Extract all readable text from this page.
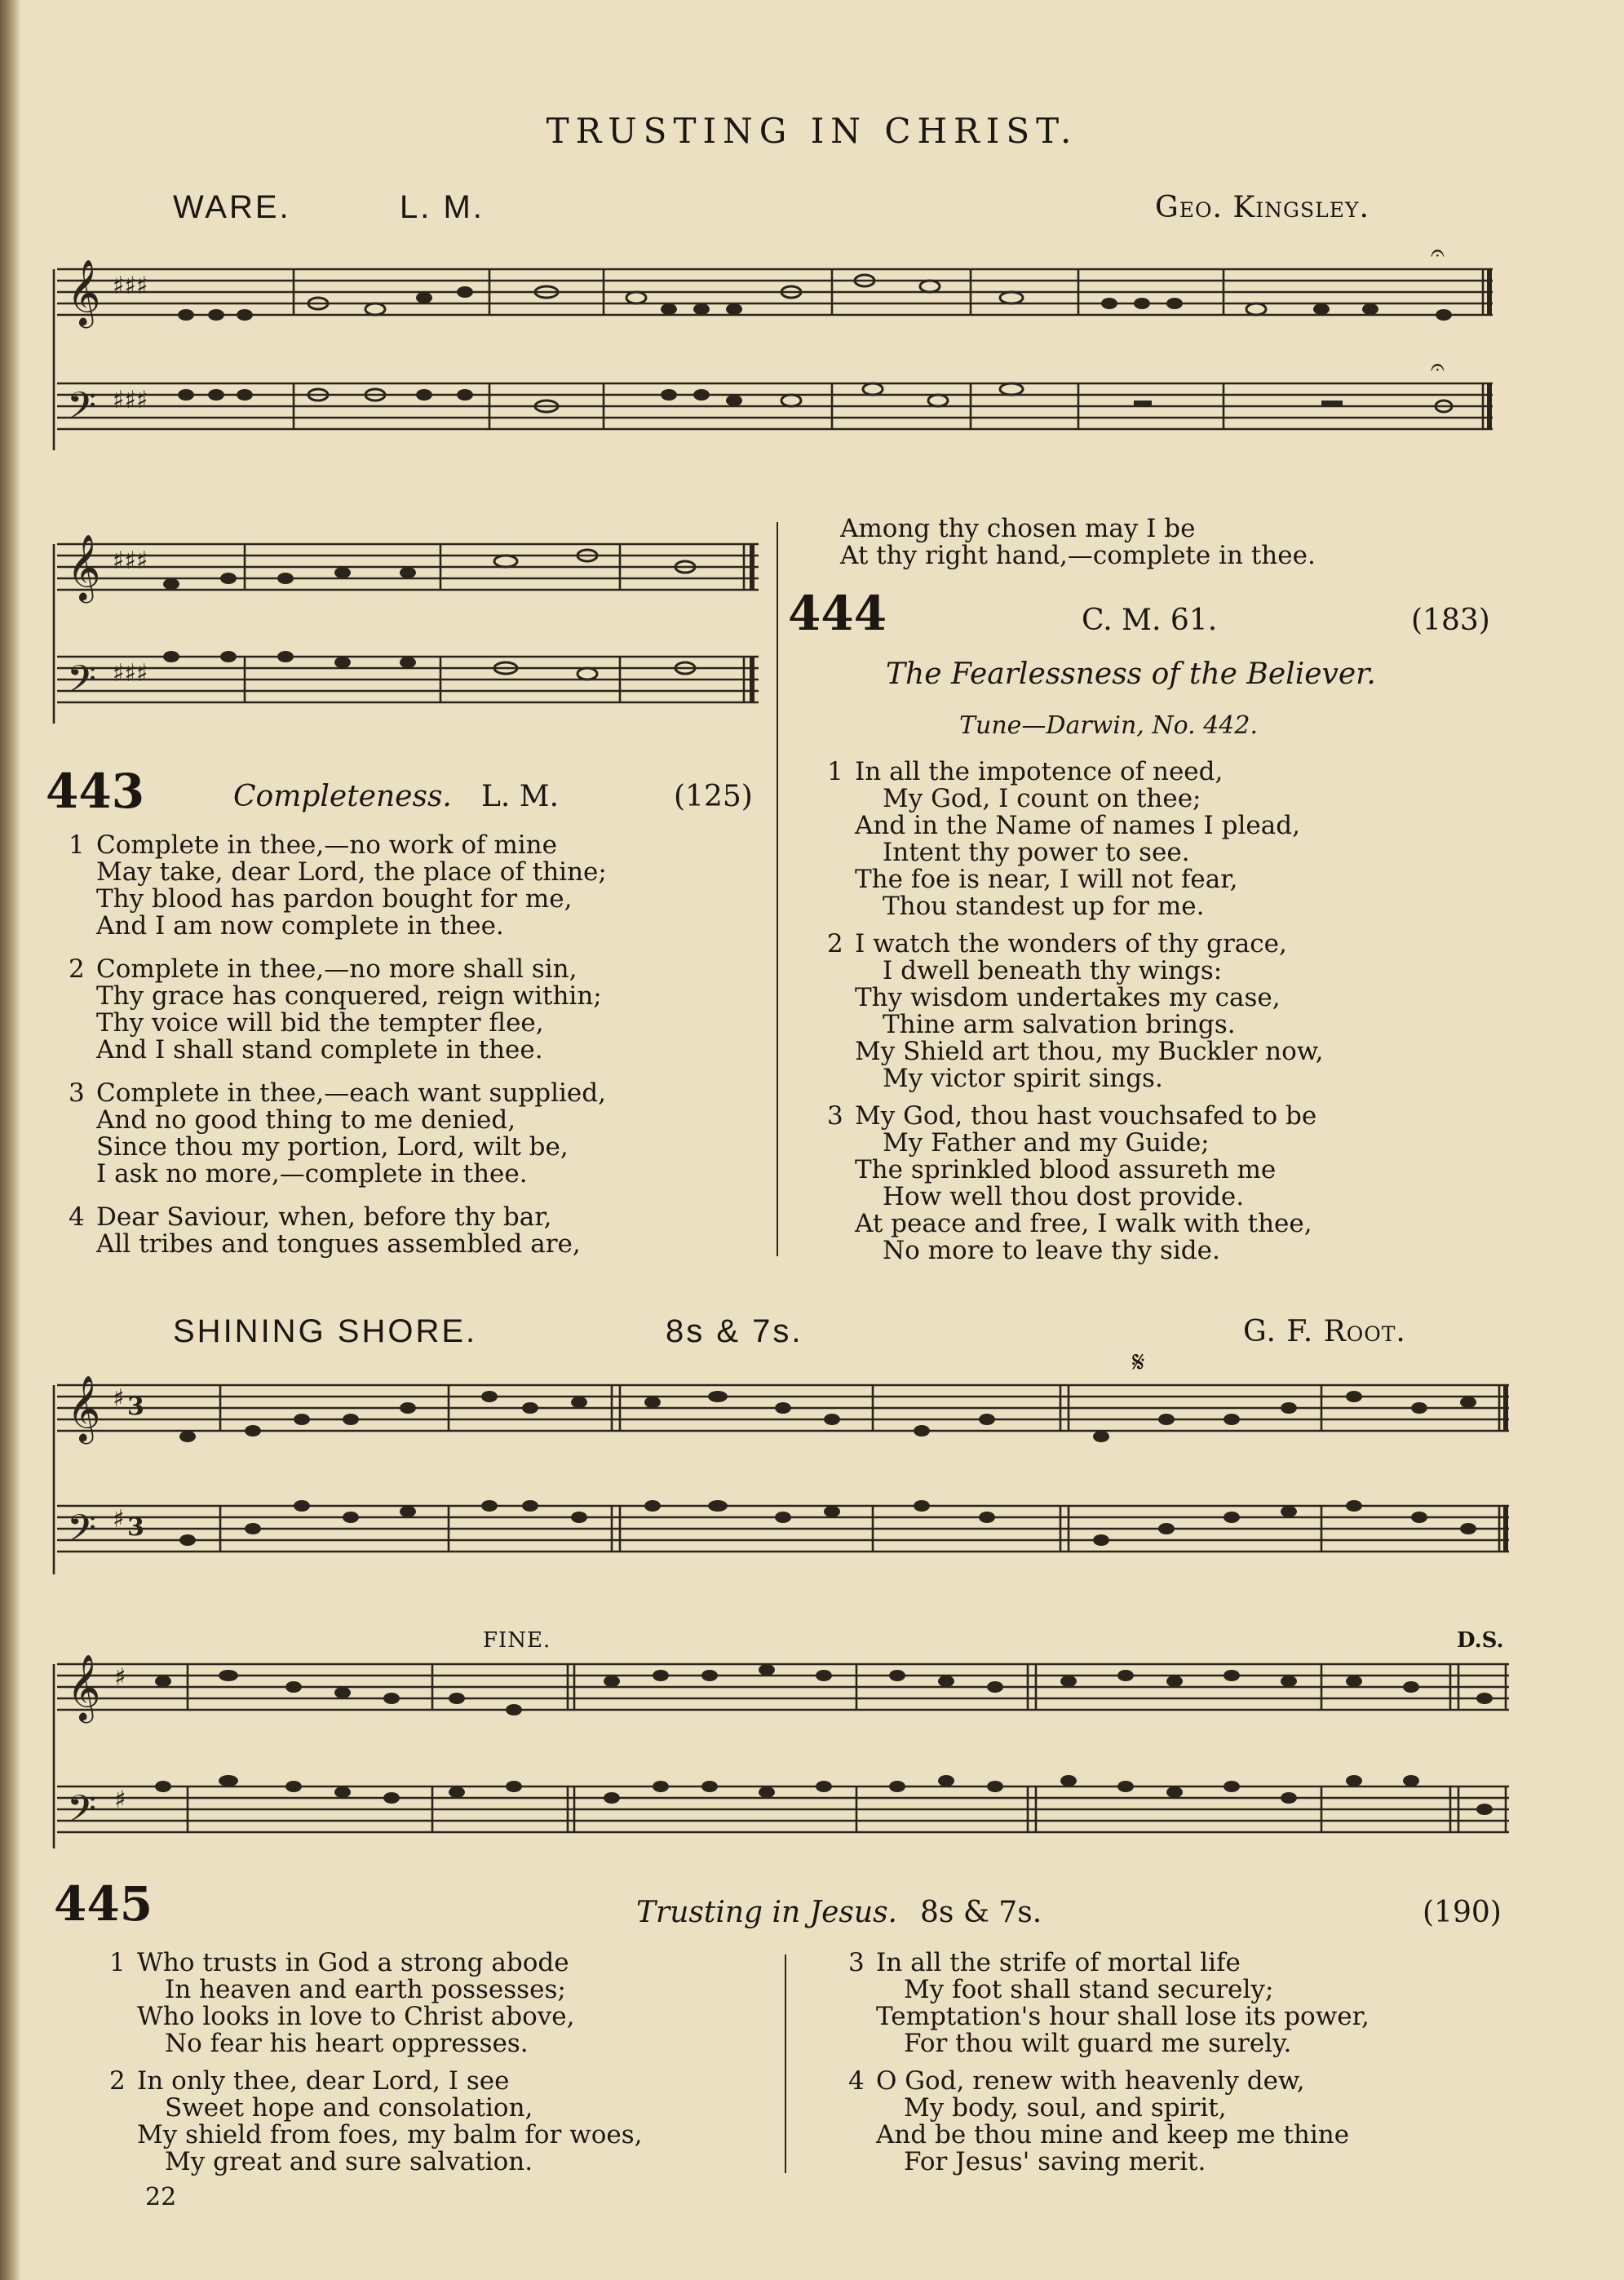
TRUSTING IN CHRIST.
WARE.	L. M.	Geo. Kingsley.
𝄞
𝄢
♯♯♯
♯♯♯
𝄐
𝄐
𝄞
𝄢
♯♯♯
♯♯♯
443	Completeness. L. M.	(125)
1 Complete in thee,—no work of mine
May take, dear Lord, the place of thine;
Thy blood has pardon bought for me,
And I am now complete in thee.
2 Complete in thee,—no more shall sin,
Thy grace has conquered, reign within;
Thy voice will bid the tempter flee,
And I shall stand complete in thee.
3 Complete in thee,—each want supplied,
And no good thing to me denied,
Since thou my portion, Lord, wilt be,
I ask no more,—complete in thee.
4 Dear Saviour, when, before thy bar,
All tribes and tongues assembled are,
Among thy chosen may I be
At thy right hand,—complete in thee.
444	C. M. 61.	(183)
The Fearlessness of the Believer.
Tune—Darwin, No. 442.
1 In all the impotence of need,
My God, I count on thee;
And in the Name of names I plead,
Intent thy power to see.
The foe is near, I will not fear,
Thou standest up for me.
2 I watch the wonders of thy grace,
I dwell beneath thy wings:
Thy wisdom undertakes my case,
Thine arm salvation brings.
My Shield art thou, my Buckler now,
My victor spirit sings.
3 My God, thou hast vouchsafed to be
My Father and my Guide;
The sprinkled blood assureth me
How well thou dost provide.
At peace and free, I walk with thee,
No more to leave thy side.
SHINING SHORE.	8s & 7s.	G. F. Root.
𝄋
𝄞
𝄢
♯
♯
3
3
FINE.	D.S.
𝄞
𝄢
♯
♯
445	Trusting in Jesus. 8s & 7s.	(190)
1 Who trusts in God a strong abode
In heaven and earth possesses;
Who looks in love to Christ above,
No fear his heart oppresses.
2 In only thee, dear Lord, I see
Sweet hope and consolation,
My shield from foes, my balm for woes,
My great and sure salvation.
3 In all the strife of mortal life
My foot shall stand securely;
Temptation's hour shall lose its power,
For thou wilt guard me surely.
4 O God, renew with heavenly dew,
My body, soul, and spirit,
And be thou mine and keep me thine
For Jesus' saving merit.
22
